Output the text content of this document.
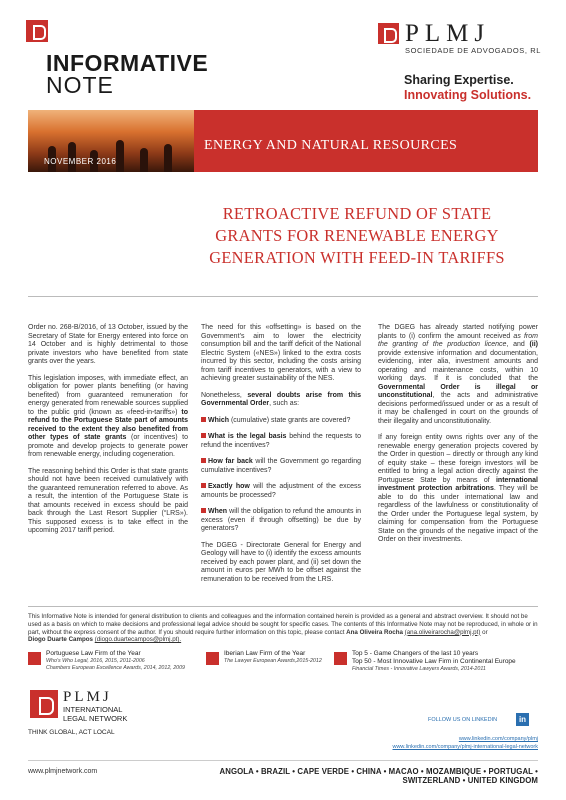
INFORMATIVE
NOTE
PLMJ
SOCIEDADE DE ADVOGADOS, RL
Sharing Expertise.
Innovating Solutions.
NOVEMBER 2016
ENERGY AND NATURAL RESOURCES
RETROACTIVE REFUND OF STATE
GRANTS FOR RENEWABLE ENERGY
GENERATION WITH FEED-IN TARIFFS

Order no. 268-B/2016, of 13 October, issued by the Secretary of State for Energy entered into force on 14 October and is highly detrimental to those private investors who have benefited from state grants over the years.

This legislation imposes, with immediate effect, an obligation for power plants benefiting (or having benefited) from guaranteed remuneration for energy generated from renewable sources supplied to the public grid (known as «feed-in-tariffs») to refund to the Portuguese State part of amounts received to the extent they also benefited from other types of state grants (or incentives) to promote and develop projects to generate power from renewable energy, including cogeneration.

The reasoning behind this Order is that state grants should not have been received cumulatively with the guaranteed remuneration referred to above. As a result, the intention of the Portuguese State is that amounts received in excess should be paid back through the Last Resort Supplier (“LRS»). This supposed excess is to take effect in the upcoming 2017 tariff period.

The need for this «offsetting» is based on the Government’s aim to lower the electricity consumption bill and the tariff deficit of the National Electric System («NES») linked to the extra costs incurred by this sector, including the costs arising from tariff incentives to generators, with a view to achieving greater sustainability of the NES.

Nonetheless, several doubts arise from this Governmental Order, such as:

Which (cumulative) state grants are covered?

What is the legal basis behind the requests to refund the incentives?

How far back will the Government go regarding cumulative incentives?

Exactly how will the adjustment of the excess amounts be processed?

When will the obligation to refund the amounts in excess (even if through offsetting) be due by generators?

The DGEG - Directorate General for Energy and Geology will have to (i) identify the excess amounts received by each power plant, and (ii) set down the amount in euros per MWh to be offset against the remuneration to be received from the LRS.

The DGEG has already started notifying power plants to (i) confirm the amount received as from the granting of the production licence, and (ii) provide extensive information and documentation, evidencing, inter alia, investment amounts and operating and maintenance costs, within 10 working days. If it is concluded that the Governmental Order is illegal or unconstitutional, the acts and administrative decisions performed/issued under or as a result of it may be challenged in court on the grounds of their illegality and unconstitutionality.

If any foreign entity owns rights over any of the renewable energy generation projects covered by the Order in question – directly or through any kind of equity stake – these foreign investors will be entitled to bring a legal action directly against the Portuguese State by means of international investment protection arbitrations. They will be able to do this under international law and regardless of the lawfulness or constitutionality of the Order under the Portuguese legal system, by claiming for compensation from the Portuguese State on the grounds of the negative impact of the Order on their investments.

This Informative Note is intended for general distribution to clients and colleagues and the information contained herein is provided as a general and abstract overview. It should not be used as a basis on which to make decisions and professional legal advice should be sought for specific cases. The contents of this Informative Note may not be reproduced, in whole or in part, without the express consent of the author. If you should require further information on this topic, please contact Ana Oliveira Rocha (ana.oliveirarocha@plmj.pt) or
Diogo Duarte Campos (diogo.duartecampos@plmj.pt).
Portuguese Law Firm of the Year
Who’s Who Legal, 2016, 2015, 2011-2006
Chambers European Excellence Awards, 2014, 2012, 2009
Iberian Law Firm of the Year
The Lawyer European Awards,2015-2012
Top 5 - Game Changers of the last 10 years
Top 50 - Most Innovative Law Firm in Continental Europe
Financial Times - Innovative Lawyers Awards, 2014-2011
PLMJ
INTERNATIONAL
LEGAL NETWORK
THINK GLOBAL, ACT LOCAL
FOLLOW US ON LINKEDIN	in
www.linkedin.com/company/plmj
www.linkedin.com/company/plmj-international-legal-network
www.plmjnetwork.com	ANGOLA • BRAZIL • CAPE VERDE • CHINA • MACAO • MOZAMBIQUE • PORTUGAL • SWITZERLAND • UNITED KINGDOM
